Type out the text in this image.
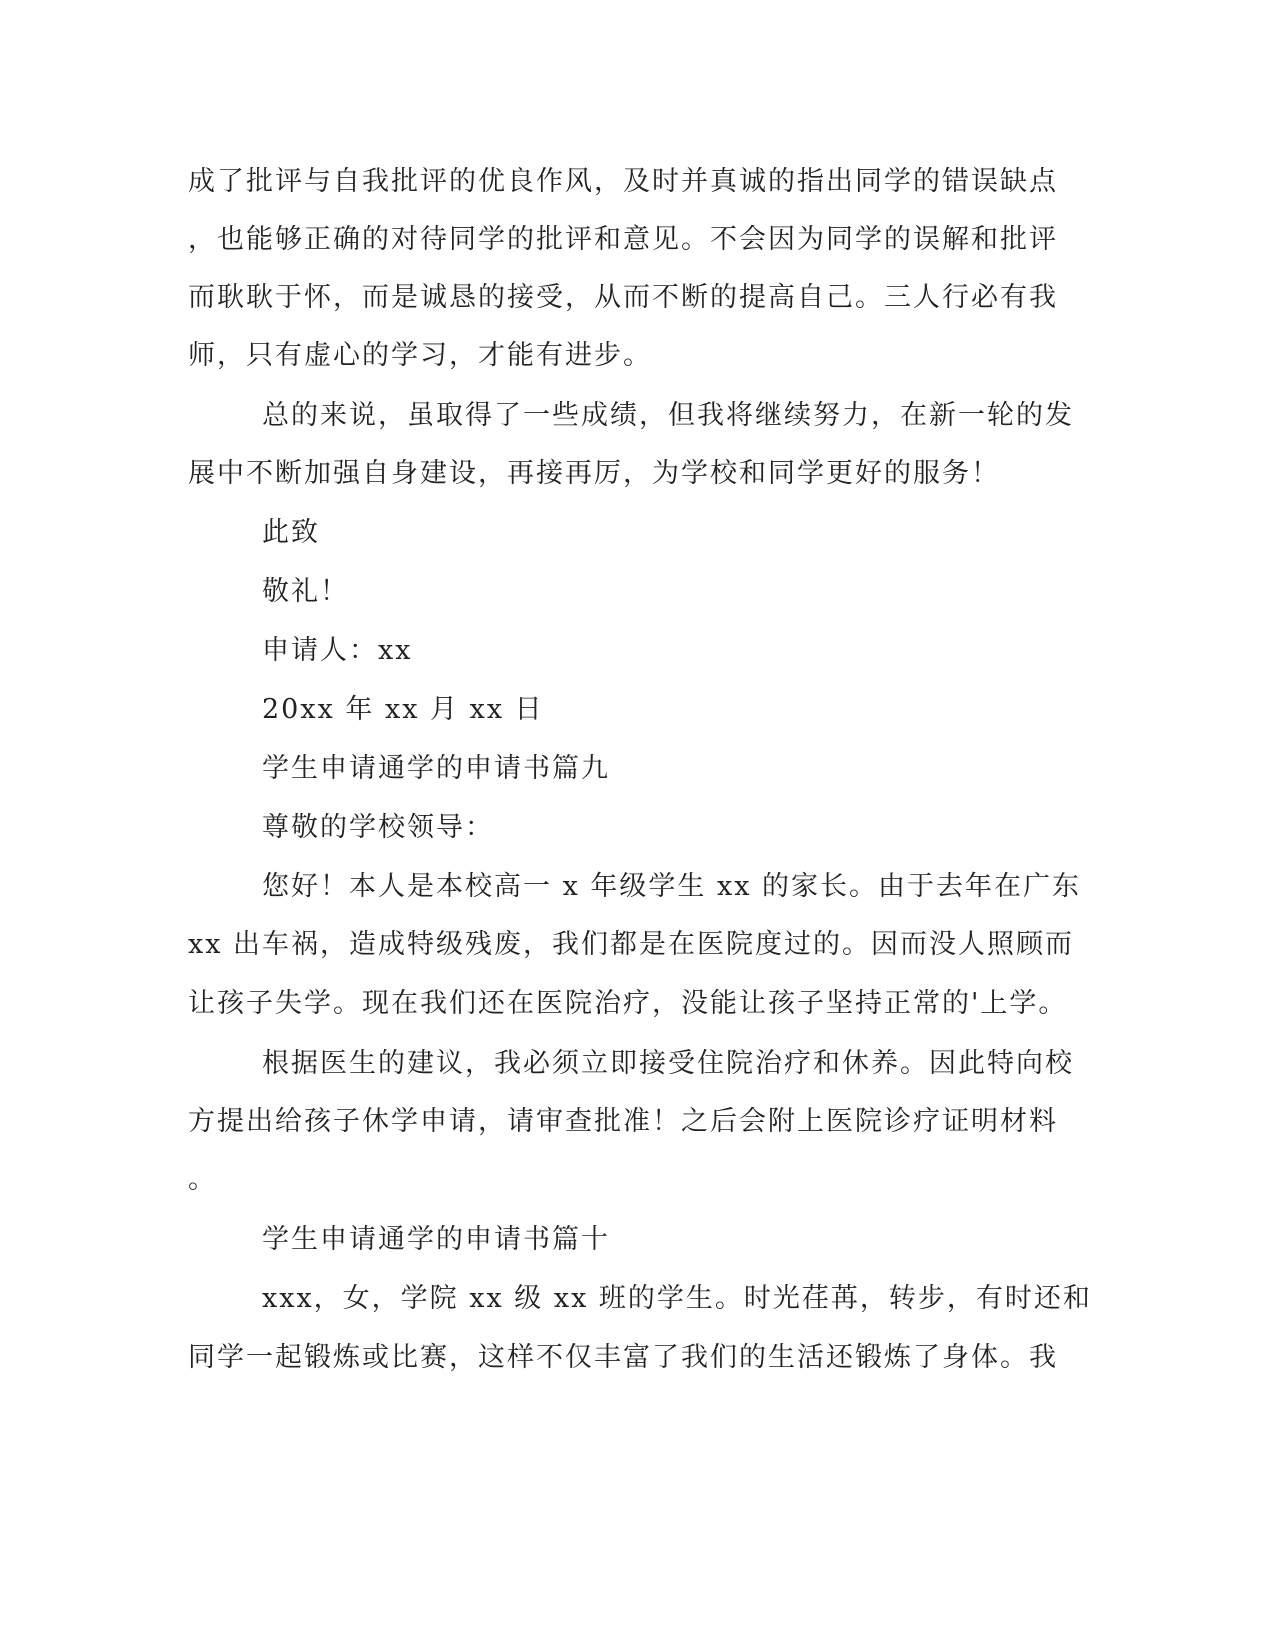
成了批评与自我批评的优良作风，及时并真诚的指出同学的错误缺点
，也能够正确的对待同学的批评和意见。不会因为同学的误解和批评
而耿耿于怀，而是诚恳的接受，从而不断的提高自己。三人行必有我
师，只有虚心的学习，才能有进步。
总的来说，虽取得了一些成绩，但我将继续努力，在新一轮的发
展中不断加强自身建设，再接再厉，为学校和同学更好的服务！
此致
敬礼！
申请人：xx
20xx 年 xx 月 xx 日
学生申请通学的申请书篇九
尊敬的学校领导：
您好！本人是本校高一 x 年级学生 xx 的家长。由于去年在广东
xx 出车祸，造成特级残废，我们都是在医院度过的。因而没人照顾而
让孩子失学。现在我们还在医院治疗，没能让孩子坚持正常的'上学。
根据医生的建议，我必须立即接受住院治疗和休养。因此特向校
方提出给孩子休学申请，请审查批准！之后会附上医院诊疗证明材料
。
学生申请通学的申请书篇十
xxx，女，学院 xx 级 xx 班的学生。时光荏苒，转步，有时还和
同学一起锻炼或比赛，这样不仅丰富了我们的生活还锻炼了身体。我
